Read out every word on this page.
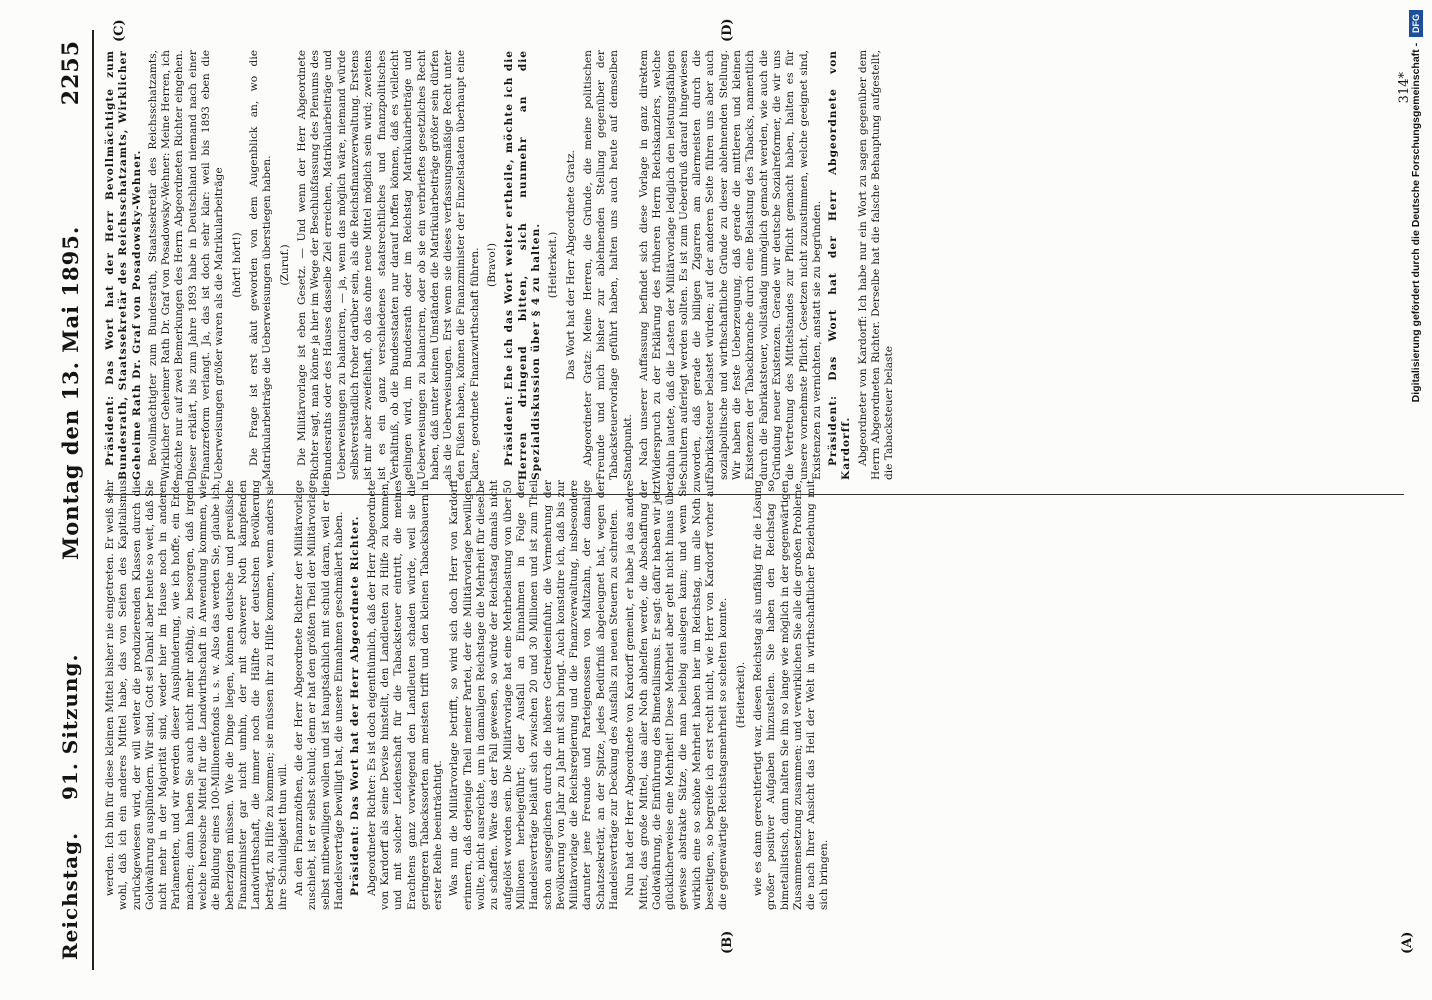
Reichstag.
91. Sitzung.
Montag den 13. Mai 1895.
2255
(A)
(B)
(C)	(D)

werden. Ich bin für diese kleinen Mittel bisher nie eingetreten. Er weiß sehr wohl, daß ich ein anderes Mittel habe, das von Seiten des Kapitalismus zurückgewiesen wird, der will weiter die produzierenden Klassen durch die Goldwährung ausplündern. Wir sind, Gott sei Dank! aber heute so weit, daß Sie nicht mehr in der Majorität sind, weder hier im Hause noch in anderen Parlamenten, und wir werden dieser Ausplünderung, wie ich hoffe, ein Ende machen; dann haben Sie auch nicht mehr nöthig, zu besorgen, daß irgend welche heroische Mittel für die Landwirthschaft in Anwendung kommen, wie die Bildung eines 100-Millionenfonds u. s. w. Also das werden Sie, glaube ich, beherzigen müssen. Wie die Dinge liegen, können deutsche und preußische Finanzminister gar nicht umhin, der mit schwerer Noth kämpfenden Landwirthschaft, die immer noch die Hälfte der deutschen Bevölkerung beträgt, zu Hilfe zu kommen; sie müssen ihr zu Hilfe kommen, wenn anders sie ihre Schuldigkeit thun will. An den Finanznöthen, die der Herr Abgeordnete Richter der Militärvorlage zuschiebt, ist er selbst schuld; denn er hat den größten Theil der Militärvorlage selbst mitbewilligen wollen und ist hauptsächlich mit schuld daran, weil er die Handelsverträge bewilligt hat, die unsere Einnahmen geschmälert haben. Präsident: Das Wort hat der Herr Abgeordnete Richter. Abgeordneter Richter: Es ist doch eigenthümlich, daß der Herr Abgeordnete von Kardorff als seine Devise hinstellt, den Landleuten zu Hilfe zu kommen, und mit solcher Leidenschaft für die Tabacksteuer eintritt, die meines Erachtens ganz vorwiegend den Landleuten schaden würde, weil sie die geringeren Tabackssorten am meisten trifft und den kleinen Tabacksbauern in erster Reihe beeinträchtigt. Was nun die Militärvorlage betrifft, so wird sich doch Herr von Kardorff erinnern, daß derjenige Theil meiner Partei, der die Militärvorlage bewilligen wollte, nicht ausreichte, um in damaligen Reichstage die Mehrheit für dieselbe zu schaffen. Wäre das der Fall gewesen, so würde der Reichstag damals nicht aufgelöst worden sein. Die Militärvorlage hat eine Mehrbelastung von über 50 Millionen herbeigeführt; der Ausfall an Einnahmen in Folge der Handelsverträge beläuft sich zwischen 20 und 30 Millionen und ist zum Theil schon ausgeglichen durch die höhere Getreideeinfuhr, die Vermehrung der Bevölkerung von Jahr zu Jahr mit sich bringt. Auch konstatire ich, daß bis zur Militärvorlage die Reichsregierung und die Finanzverwaltung, insbesondere darunter jene Freunde und Parteigenossen von Maltzahn, der damalige Schatzsekretär, an der Spitze, jedes Bedürfniß abgeleugnet hat, wegen der Handelsverträge zur Deckung des Ausfalls zu neuen Steuern zu schreiten. Nun hat der Herr Abgeordnete von Kardorff gemeint, er habe ja das andere Mittel, das große Mittel, das aller Noth abhelfen werde, die Abschaffung der Goldwährung, die Einführung des Bimetallismus. Er sagt: dafür haben wir jetzt glücklicherweise eine Mehrheit! Diese Mehrheit aber geht nicht hinaus über gewisse abstrakte Sätze, die man beliebig auslegen kann; und wenn Sie wirklich eine so schöne Mehrheit haben hier im Reichstag, um alle Noth zu beseitigen, so begreife ich erst recht nicht, wie Herr von Kardorff vorher auf die gegenwärtige Reichstagsmehrheit so schelten konnte. (Heiterkeit). wie es dann gerechtfertigt war, diesen Reichstag als unfähig für die Lösung großer positiver Aufgaben hinzustellen. Sie haben den Reichstag so bimetallistisch, dann halten Sie ihn so lange wie möglich in der gegenwärtigen Zusammensetzung zusammen; und verwirklichen Sie alle die großen Probleme, die nach Ihrer Ansicht das Heil der Welt in wirthschaftlicher Beziehung mit sich bringen.

Präsident: Das Wort hat der Herr Bevollmächtigte zum Bundesrath, Staatssekretär des Reichsschatzamts, Wirklicher Geheime Rath Dr. Graf von Posadowsky-Wehner. Bevollmächtigter zum Bundesrath, Staatssekretär des Reichsschatzamts, Wirklicher Geheimer Rath Dr. Graf von Posadowsky-Wehner: Meine Herren, ich möchte nur auf zwei Bemerkungen des Herrn Abgeordneten Richter eingehen. Dieser erklärt, bis zum Jahre 1893 habe in Deutschland niemand nach einer Finanzreform verlangt. Ja, das ist doch sehr klar: weil bis 1893 eben die Ueberweisungen größer waren als die Matrikularbeiträge (hört! hört!) Die Frage ist erst akut geworden von dem Augenblick an, wo die Matrikularbeiträge die Ueberweisungen überstiegen haben. (Zuruf.) Die Militärvorlage ist eben Gesetz. — Und wenn der Herr Abgeordnete Richter sagt, man könne ja hier im Wege der Beschlußfassung des Plenums des Bundesraths oder des Hauses dasselbe Ziel erreichen, Matrikularbeiträge und Ueberweisungen zu balanciren, — ja, wenn das möglich wäre, niemand würde selbstverständlich froher darüber sein, als die Reichsfinanzverwaltung. Erstens ist mir aber zweifelhaft, ob das ohne neue Mittel möglich sein wird; zweitens ist es ein ganz verschiedenes staatsrechtliches und finanzpolitisches Verhältniß, ob die Bundesstaaten nur darauf hoffen können, daß es vielleicht gelingen wird, im Bundesrath oder im Reichstag Matrikularbeiträge und Ueberweisungen zu balanciren, oder ob sie ein verbrieftes gesetzliches Recht haben, daß unter keinen Umständen die Matrikularbeiträge größer sein dürfen als die Ueberweisungen. Erst wenn sie dieses verfassungsmäßige Recht unter den Füßen haben, können die Finanzminister der Einzelstaaten überhaupt eine klare, geordnete Finanzwirthschaft führen. (Bravo!) Präsident: Ehe ich das Wort weiter ertheile, möchte ich die Herren dringend bitten, sich nunmehr an die Spezialdiskussion über § 4 zu halten. (Heiterkeit.) Das Wort hat der Herr Abgeordnete Gratz. Abgeordneter Gratz: Meine Herren, die Gründe, die meine politischen Freunde und mich bisher zur ablehnenden Stellung gegenüber der Tabacksteuervorlage geführt haben, halten uns auch heute auf demselben Standpunkt. Nach unserer Auffassung befindet sich diese Vorlage in ganz direktem Widerspruch zu der Erklärung des früheren Herrn Reichskanzlers, welche dahin lautete, daß die Lasten der Militärvorlage lediglich den leistungsfähigen Schultern auferlegt werden sollten. Es ist zum Ueberdruß darauf hingewiesen worden, daß gerade die billigen Zigarren am allermeisten durch die Fabrikatsteuer belastet würden; auf der anderen Seite führen uns aber auch sozialpolitische und wirthschaftliche Gründe zu dieser ablehnenden Stellung. Wir haben die feste Ueberzeugung, daß gerade die mittleren und kleinen Existenzen der Tabackbranche durch eine Belastung des Tabacks, namentlich durch die Fabrikatsteuer, vollständig unmöglich gemacht werden, wie auch die Gründung neuer Existenzen. Gerade wir deutsche Sozialreformer, die wir uns die Vertretung des Mittelstandes zur Pflicht gemacht haben, halten es für unsere vornehmste Pflicht, Gesetzen nicht zuzustimmen, welche geeignet sind, Existenzen zu vernichten, anstatt sie zu begründen. Präsident: Das Wort hat der Herr Abgeordnete von Kardorff. Abgeordneter von Kardorff: Ich habe nur ein Wort zu sagen gegenüber dem Herrn Abgeordneten Richter. Derselbe hat die falsche Behauptung aufgestellt, die Tabacksteuer belaste

314*
Digitalisierung gefördert durch die Deutsche Forschungsgemeinschaft - DFG
